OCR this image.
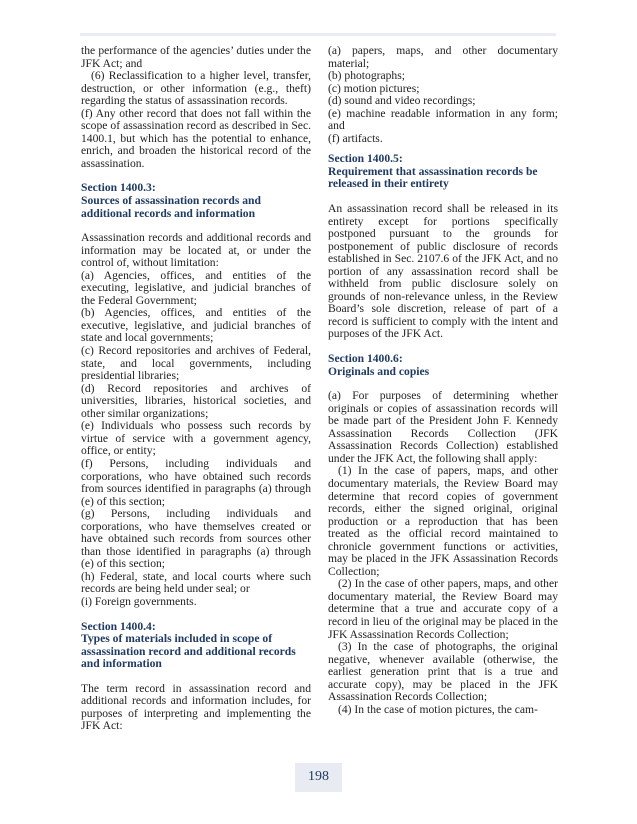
the performance of the agencies’ duties under the JFK Act; and
(6) Reclassification to a higher level, transfer, destruction, or other information (e.g., theft) regarding the status of assassination records.
(f) Any other record that does not fall within the scope of assassination record as described in Sec. 1400.1, but which has the potential to enhance, enrich, and broaden the historical record of the assassination.
Section 1400.3:
Sources of assassination records and additional records and information
Assassination records and additional records and information may be located at, or under the control of, without limitation:
(a) Agencies, offices, and entities of the executing, legislative, and judicial branches of the Federal Government;
(b) Agencies, offices, and entities of the executive, legislative, and judicial branches of state and local governments;
(c) Record repositories and archives of Federal, state, and local governments, including presidential libraries;
(d) Record repositories and archives of universities, libraries, historical societies, and other similar organizations;
(e) Individuals who possess such records by virtue of service with a government agency, office, or entity;
(f) Persons, including individuals and corporations, who have obtained such records from sources identified in paragraphs (a) through (e) of this section;
(g) Persons, including individuals and corporations, who have themselves created or have obtained such records from sources other than those identified in paragraphs (a) through (e) of this section;
(h) Federal, state, and local courts where such records are being held under seal; or
(i) Foreign governments.
Section 1400.4:
Types of materials included in scope of assassination record and additional records and information
The term record in assassination record and additional records and information includes, for purposes of interpreting and implementing the JFK Act:
(a) papers, maps, and other documentary material;
(b) photographs;
(c) motion pictures;
(d) sound and video recordings;
(e) machine readable information in any form; and
(f) artifacts.
Section 1400.5:
Requirement that assassination records be released in their entirety
An assassination record shall be released in its entirety except for portions specifically postponed pursuant to the grounds for postponement of public disclosure of records established in Sec. 2107.6 of the JFK Act, and no portion of any assassination record shall be withheld from public disclosure solely on grounds of non-relevance unless, in the Review Board’s sole discretion, release of part of a record is sufficient to comply with the intent and purposes of the JFK Act.
Section 1400.6:
Originals and copies
(a) For purposes of determining whether originals or copies of assassination records will be made part of the President John F. Kennedy Assassination Records Collection (JFK Assassination Records Collection) established under the JFK Act, the following shall apply:
(1) In the case of papers, maps, and other documentary materials, the Review Board may determine that record copies of government records, either the signed original, original production or a reproduction that has been treated as the official record maintained to chronicle government functions or activities, may be placed in the JFK Assassination Records Collection;
(2) In the case of other papers, maps, and other documentary material, the Review Board may determine that a true and accurate copy of a record in lieu of the original may be placed in the JFK Assassination Records Collection;
(3) In the case of photographs, the original negative, whenever available (otherwise, the earliest generation print that is a true and accurate copy), may be placed in the JFK Assassination Records Collection;
(4) In the case of motion pictures, the cam-
198
